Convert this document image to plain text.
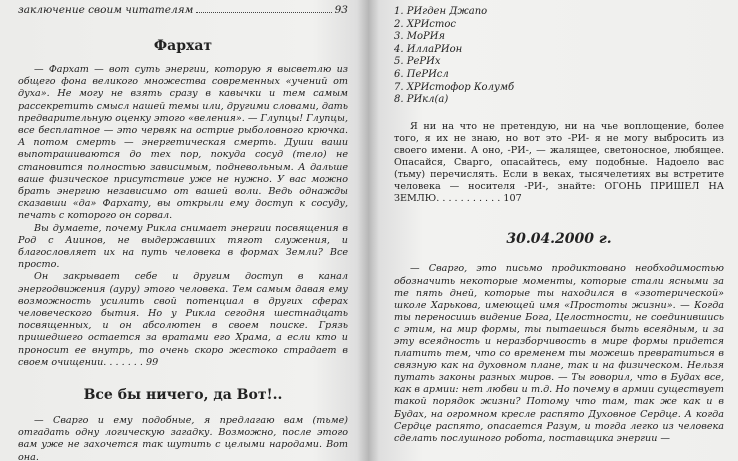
заключение своим читателям	93
Фархат

— Фархат — вот суть энергии, которую я высветлю из общего фона великого множества современных «учений от духа». Не могу не взять сразу в кавычки и тем самым рассекретить смысл нашей темы или, другими словами, дать предварительную оценку этого «веления». — Глупцы! Глупцы, все бесплатное — это червяк на острие рыболовного крючка. А потом смерть — энергетическая смерть. Души ваши выпотрашиваются до тех пор, покуда сосуд (тело) не становится полностью зависимым, подневольным. А дальше ваше физическое присутствие уже не нужно. У вас можно брать энергию независимо от вашей воли. Ведь однажды сказавши «да» Фархату, вы открыли ему доступ к сосуду, печать с которого он сорвал.

Вы думаете, почему Рикла снимает энергии посвящения в Род с Аиинов, не выдержавших тягот служения, и благословляет их на путь человека в формах Земли? Все просто.

Он закрывает себе и другим доступ в канал энергодвижения (ауру) этого человека. Тем самым давая ему возможность усилить свой потенциал в других сферах человеческого бытия. Но у Рикла сегодня шестнадцать посвященных, и он абсолютен в своем поиске. Грязь пришедшего остается за вратами его Храма, а если кто и проносит ее внутрь, то очень скоро жестоко страдает в своем очищении. . . . . . . 99

Все бы ничего, да Вот!..

— Сварго и ему подобные, я предлагаю вам (тьме) отгадать одну логическую загадку. Возможно, после этого вам уже не захочется так шутить с целыми народами. Вот она.

1. РИгден Джапо
2. ХРИстос
3. МоРИя
4. ИллаРИон
5. РеРИх
6. ПеРИсл
7. ХРИстофор Колумб
8. РИкл(а)

Я ни на что не претендую, ни на чье воплощение, более того, я их не знаю, но вот это -РИ- я не могу выбросить из своего имени. А оно, -РИ-, — жалящее, светоносное, любящее. Опасайся, Сварго, опасайтесь, ему подобные. Надоело вас (тьму) перечислять. Если в веках, тысячелетиях вы встретите человека — носителя -РИ-, знайте: ОГОНЬ ПРИШЕЛ НА ЗЕМЛЮ. . . . . . . . . . . 107

30.04.2000 г.

— Сварго, это письмо продиктовано необходимостью обозначить некоторые моменты, которые стали ясными за те пять дней, которые ты находился в «эзотерической» школе Харькова, имеющей имя «Простоты жизни». — Когда ты переносишь видение Бога, Целостности, не соединившись с этим, на мир формы, ты пытаешься быть всеядным, и за эту всеядность и неразборчивость в мире формы придется платить тем, что со временем ты можешь превратиться в связную как на духовном плане, так и на физическом. Нельзя путать законы разных миров. — Ты говорил, что в Будах все, как в армии: нет любви и т.д. Но почему в армии существует такой порядок жизни? Потому что там, так же как и в Будах, на огромном кресле распято Духовное Сердце. А когда Сердце распято, опасается Разум, и тогда легко из человека сделать послушного робота, поставщика энергии —
